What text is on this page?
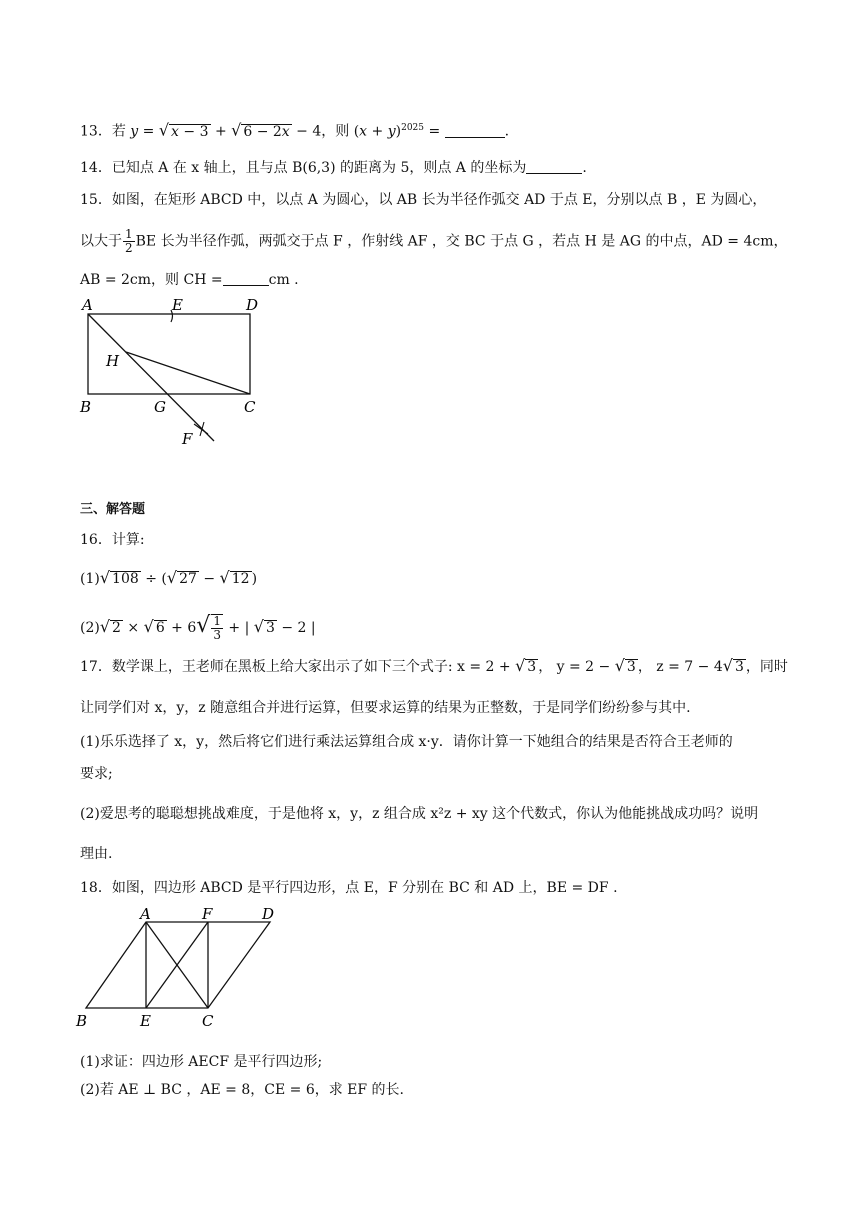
13．若 y = √ x − 3 + √ 6 − 2x − 4，则 $(x + y)^{2025}$ =	.
14．已知点 A 在 x 轴上，且与点 B(6,3) 的距离为 5，则点 A 的坐标为	.
15．如图，在矩形 ABCD 中，以点 A 为圆心，以 AB 长为半径作弧交 AD 于点 E，分别以点 B ，E 为圆心，
以大于 $\frac{1}{2}$ BE 长为半径作弧，两弧交于点 F ，作射线 AF ，交 BC 于点 G ，若点 H 是 AG 的中点，AD = 4cm，
AB = 2cm，则 CH =	cm .
A	E	D
H
B	G	C
F
三、解答题
16．计算:
(1)√ 108 ÷ (√ 27 − √ 12 )
(2)√ 2 × √ $6 + 6√ \frac{1}{3}$ + | √ 3 − 2 |
17．数学课上，王老师在黑板上给大家出示了如下三个式子: x = 2 + √ 3 ， y = 2 − √ 3 ， z = 7 − 4√ 3 ，同时
让同学们对 x，y，z 随意组合并进行运算，但要求运算的结果为正整数，于是同学们纷纷参与其中.
(1)乐乐选择了 x，y，然后将它们进行乘法运算组合成 x·y．请你计算一下她组合的结果是否符合王老师的
要求;
(2)爱思考的聪聪想挑战难度，于是他将 x，y，z 组合成 x²z + xy 这个代数式，你认为他能挑战成功吗？说明
理由.
18．如图，四边形 ABCD 是平行四边形，点 E，F 分别在 BC 和 AD 上，BE = DF .
A	F	D
B	E	C
(1)求证：四边形 AECF 是平行四边形;
(2)若 AE ⊥ BC ，AE = 8，CE = 6，求 EF 的长.
